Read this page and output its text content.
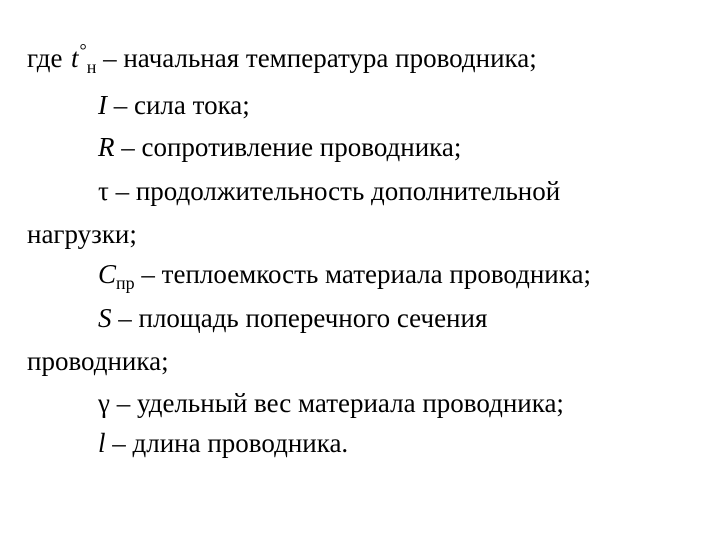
где $t^\circ_н$ – начальная температура проводника;
I – сила тока;
R – сопротивление проводника;
τ – продолжительность дополнительной
нагрузки;
$C_{пр}$ – теплоемкость материала проводника;
S – площадь поперечного сечения
проводника;
γ – удельный вес материала проводника;
l – длина проводника.
